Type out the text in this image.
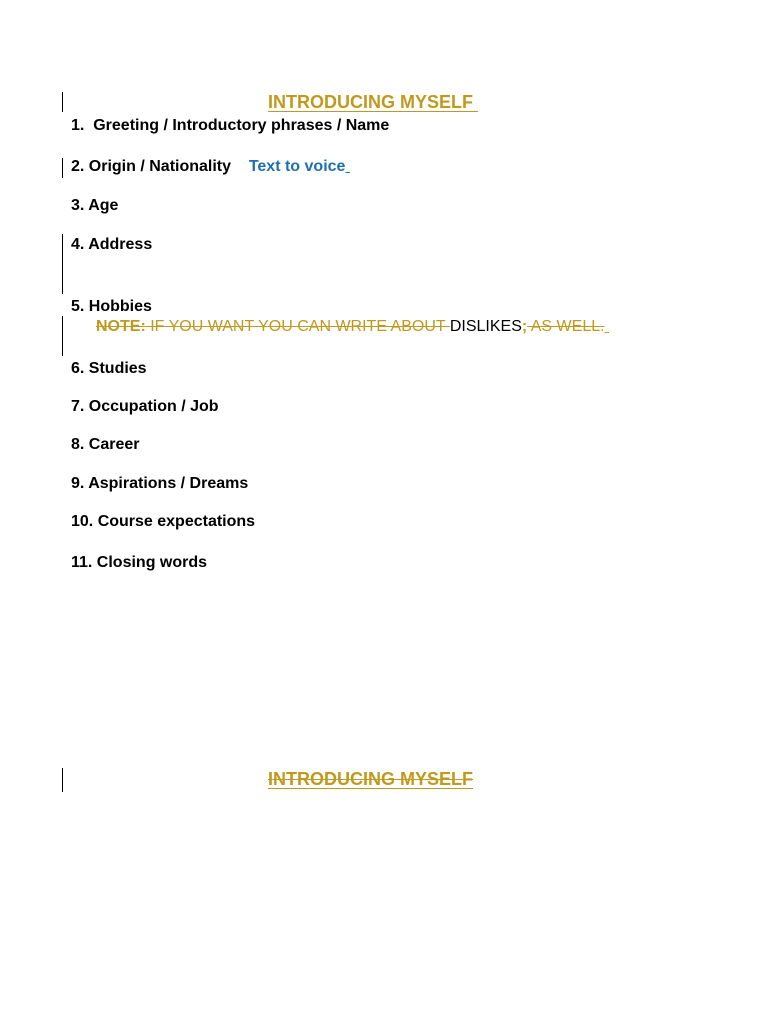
INTRODUCING MYSELF
1.  Greeting / Introductory phrases / Name
2. Origin / Nationality Text to voice
3. Age
4. Address
5. Hobbies
NOTE: IF YOU WANT YOU CAN WRITE ABOUT DISLIKES; AS WELL.
6. Studies
7. Occupation / Job
8. Career
9. Aspirations / Dreams
10. Course expectations
11. Closing words
INTRODUCING MYSELF
